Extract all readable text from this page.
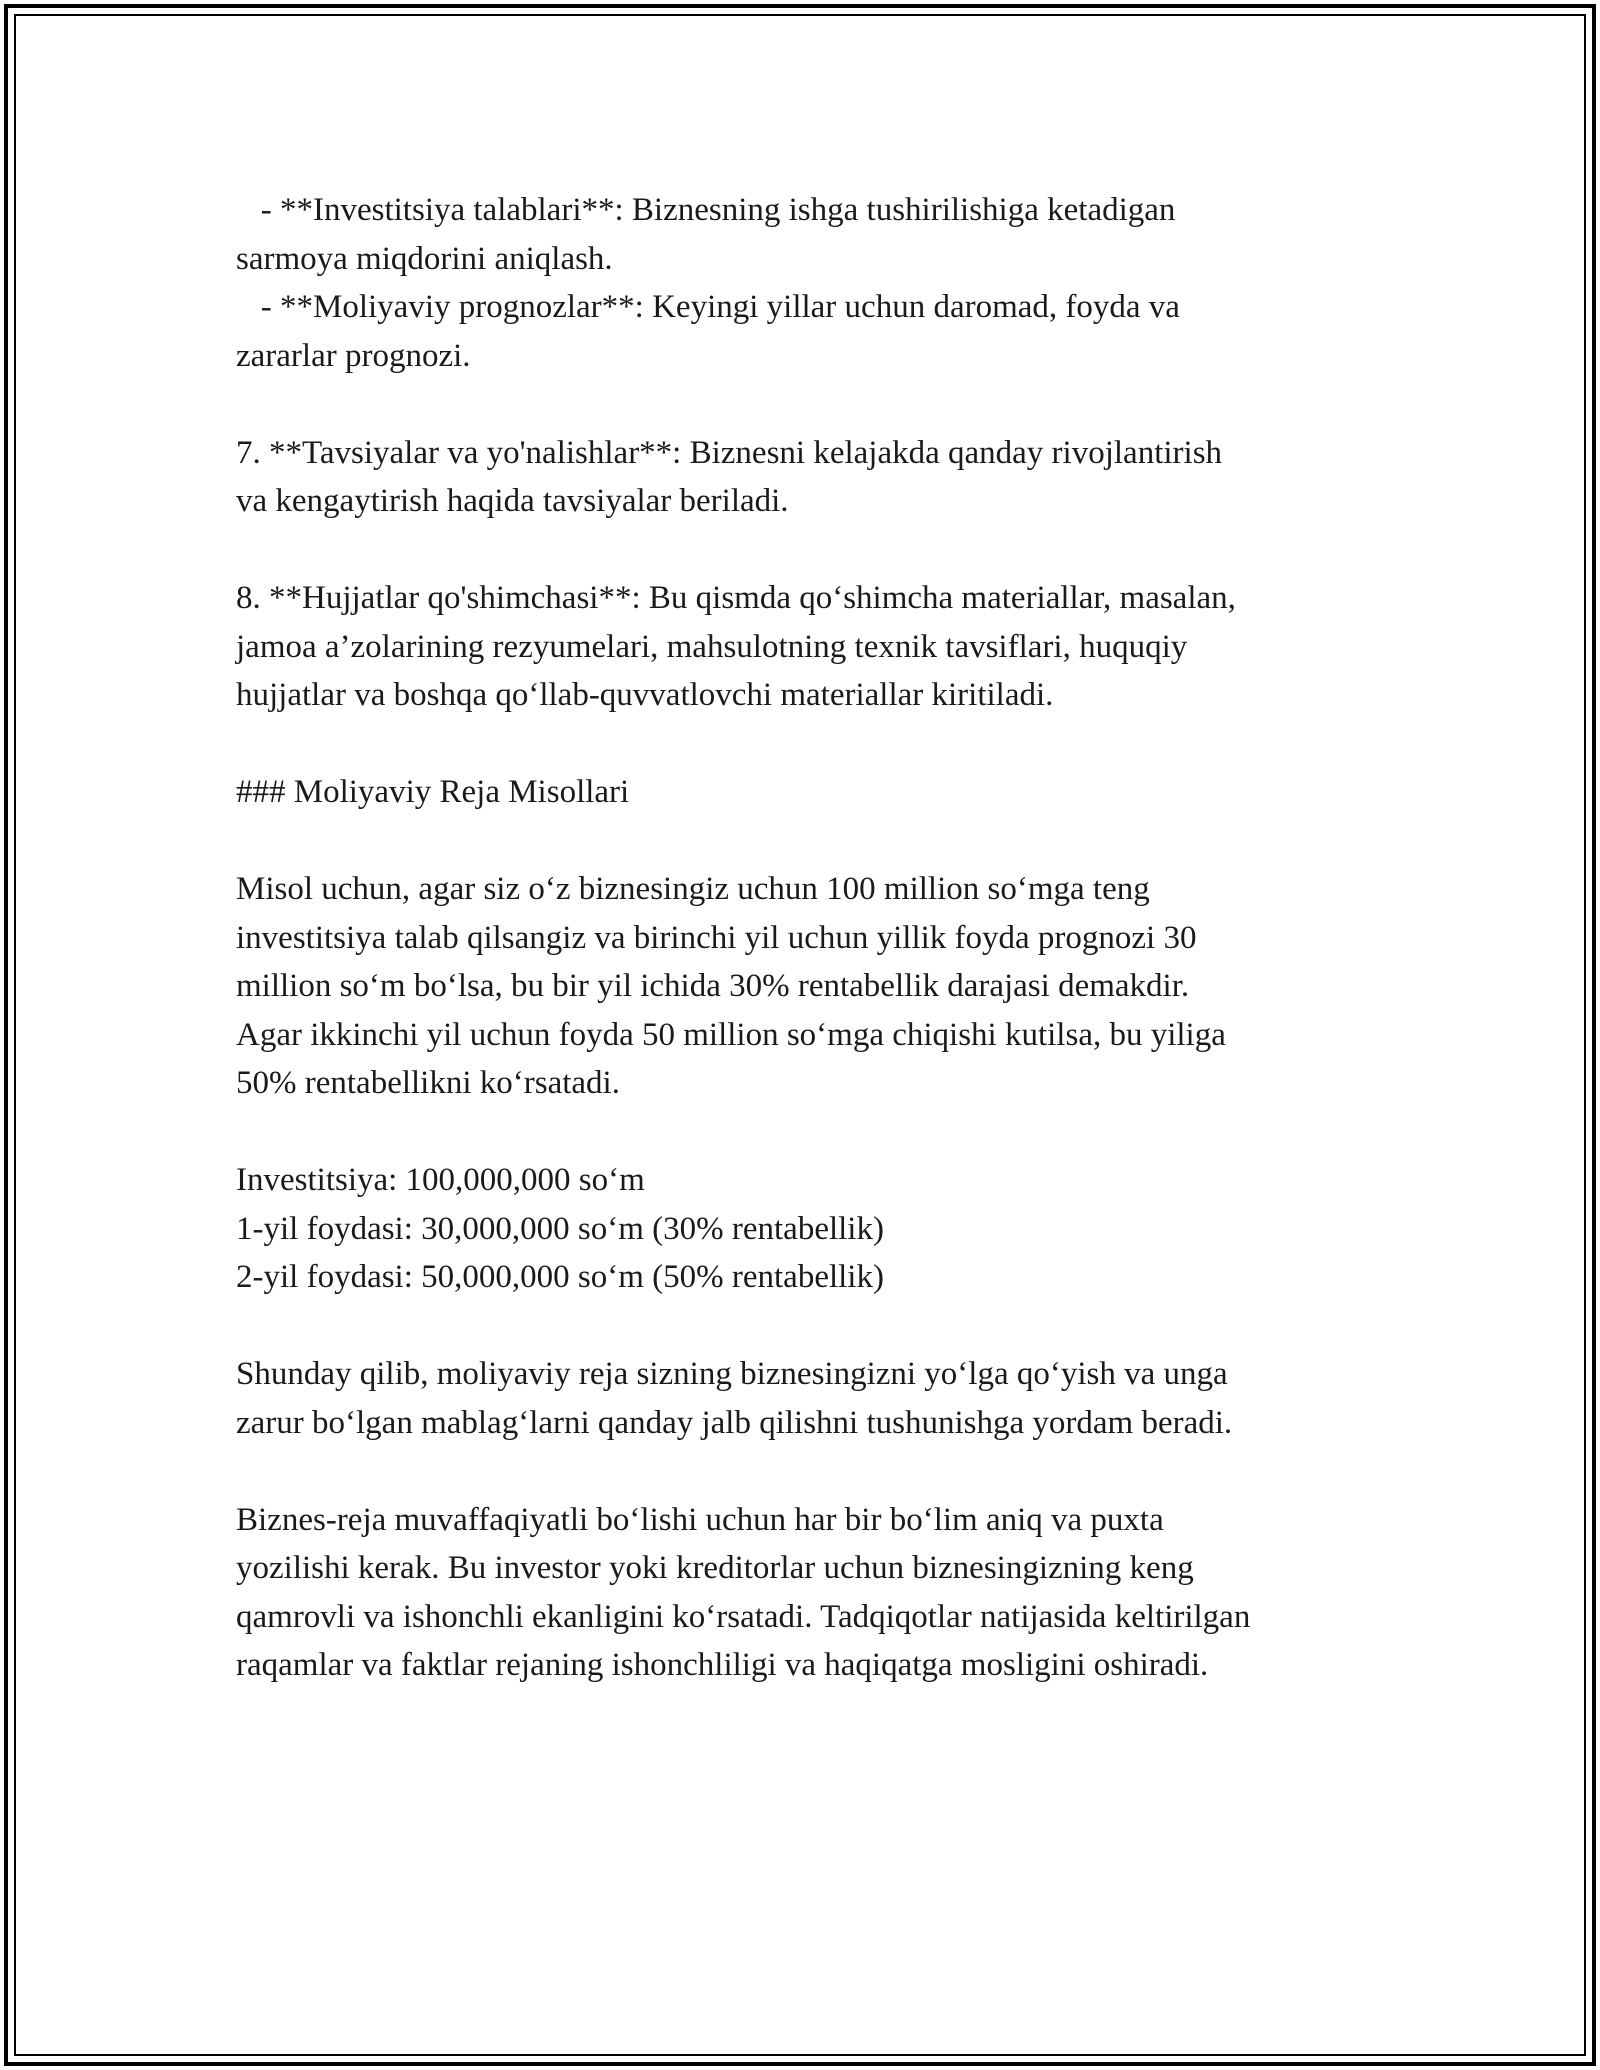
- **Investitsiya talablari**: Biznesning ishga tushirilishiga ketadigan
sarmoya miqdorini aniqlash.
- **Moliyaviy prognozlar**: Keyingi yillar uchun daromad, foyda va
zararlar prognozi.

7. **Tavsiyalar va yo'nalishlar**: Biznesni kelajakda qanday rivojlantirish
va kengaytirish haqida tavsiyalar beriladi.

8. **Hujjatlar qo'shimchasi**: Bu qismda qoʻshimcha materiallar, masalan,
jamoa a’zolarining rezyumelari, mahsulotning texnik tavsiflari, huquqiy
hujjatlar va boshqa qoʻllab-quvvatlovchi materiallar kiritiladi.

### Moliyaviy Reja Misollari

Misol uchun, agar siz oʻz biznesingiz uchun 100 million soʻmga teng
investitsiya talab qilsangiz va birinchi yil uchun yillik foyda prognozi 30
million soʻm boʻlsa, bu bir yil ichida 30% rentabellik darajasi demakdir.
Agar ikkinchi yil uchun foyda 50 million soʻmga chiqishi kutilsa, bu yiliga
50% rentabellikni koʻrsatadi.

Investitsiya: 100,000,000 soʻm
1-yil foydasi: 30,000,000 soʻm (30% rentabellik)
2-yil foydasi: 50,000,000 soʻm (50% rentabellik)

Shunday qilib, moliyaviy reja sizning biznesingizni yoʻlga qoʻyish va unga
zarur boʻlgan mablagʻlarni qanday jalb qilishni tushunishga yordam beradi.

Biznes-reja muvaffaqiyatli boʻlishi uchun har bir boʻlim aniq va puxta
yozilishi kerak. Bu investor yoki kreditorlar uchun biznesingizning keng
qamrovli va ishonchli ekanligini koʻrsatadi. Tadqiqotlar natijasida keltirilgan
raqamlar va faktlar rejaning ishonchliligi va haqiqatga mosligini oshiradi.
